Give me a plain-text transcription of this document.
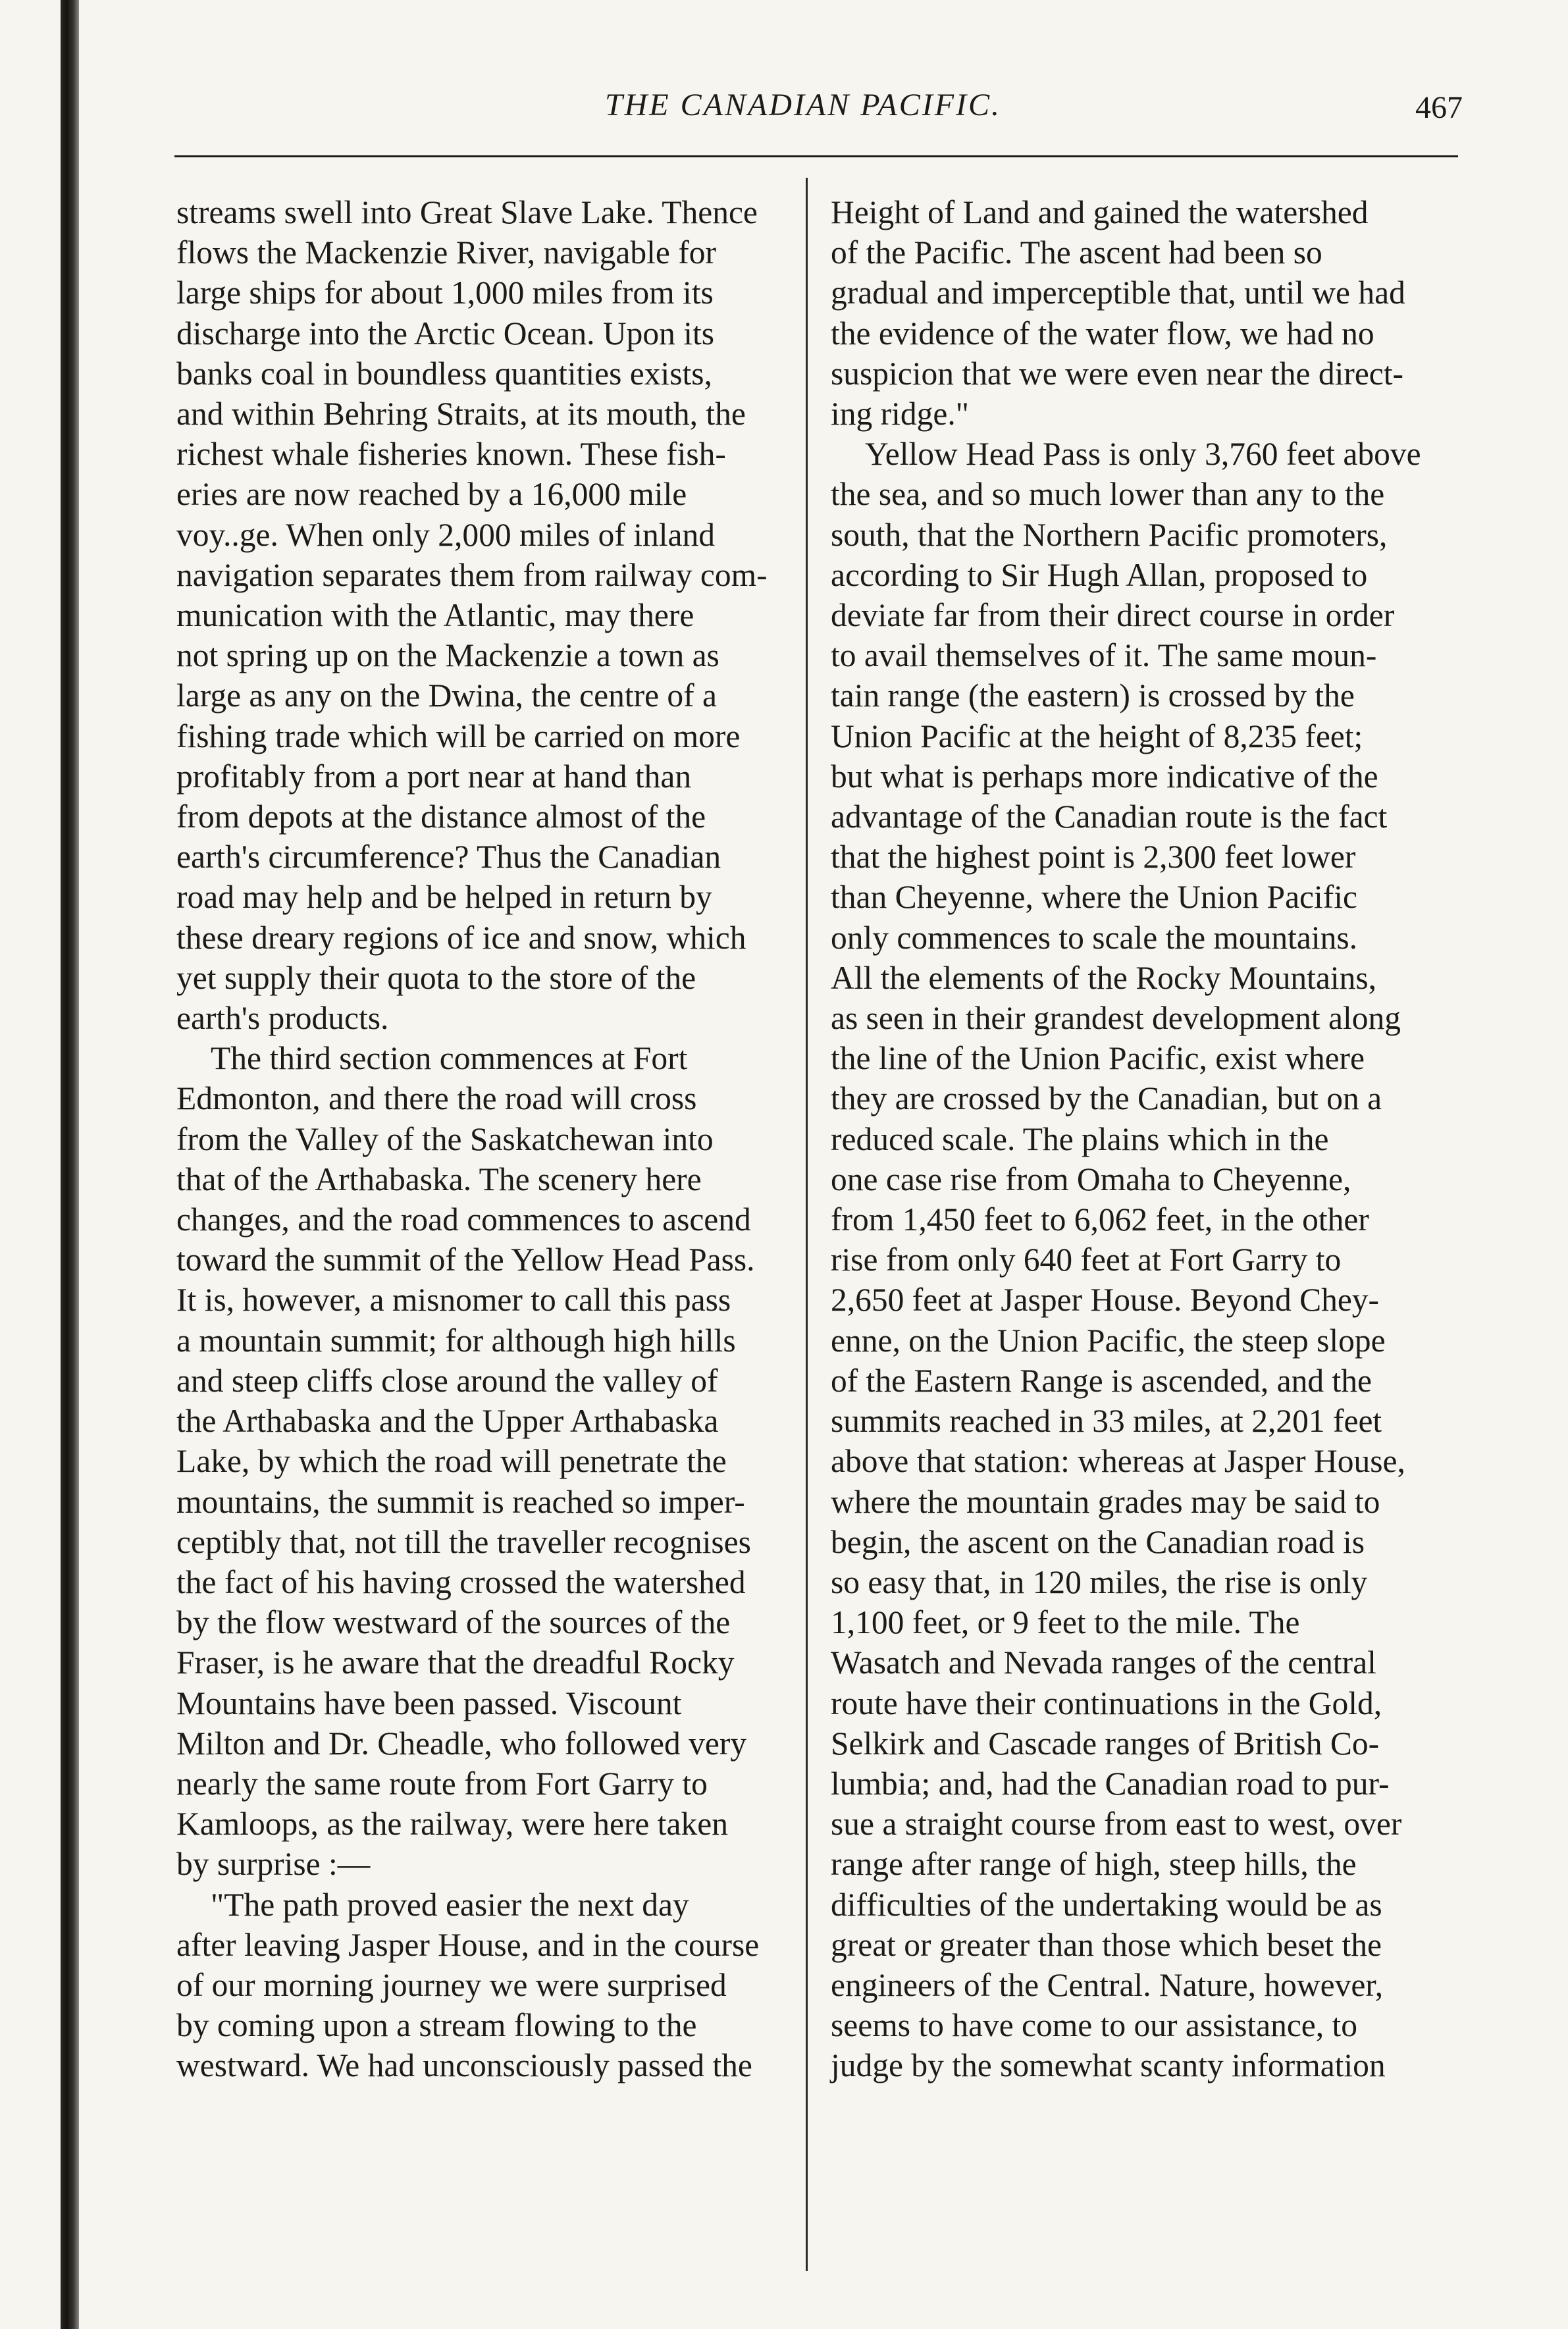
THE CANADIAN PACIFIC.	467

streams swell into Great Slave Lake. Thence
flows the Mackenzie River, navigable for
large ships for about 1,000 miles from its
discharge into the Arctic Ocean. Upon its
banks coal in boundless quantities exists,
and within Behring Straits, at its mouth, the
richest whale fisheries known. These fish-
eries are now reached by a 16,000 mile
voy..ge. When only 2,000 miles of inland
navigation separates them from railway com-
munication with the Atlantic, may there
not spring up on the Mackenzie a town as
large as any on the Dwina, the centre of a
fishing trade which will be carried on more
profitably from a port near at hand than
from depots at the distance almost of the
earth's circumference? Thus the Canadian
road may help and be helped in return by
these dreary regions of ice and snow, which
yet supply their quota to the store of the
earth's products.

The third section commences at Fort
Edmonton, and there the road will cross
from the Valley of the Saskatchewan into
that of the Arthabaska. The scenery here
changes, and the road commences to ascend
toward the summit of the Yellow Head Pass.
It is, however, a misnomer to call this pass
a mountain summit; for although high hills
and steep cliffs close around the valley of
the Arthabaska and the Upper Arthabaska
Lake, by which the road will penetrate the
mountains, the summit is reached so imper-
ceptibly that, not till the traveller recognises
the fact of his having crossed the watershed
by the flow westward of the sources of the
Fraser, is he aware that the dreadful Rocky
Mountains have been passed. Viscount
Milton and Dr. Cheadle, who followed very
nearly the same route from Fort Garry to
Kamloops, as the railway, were here taken
by surprise :—

"The path proved easier the next day
after leaving Jasper House, and in the course
of our morning journey we were surprised
by coming upon a stream flowing to the
westward. We had unconsciously passed the

Height of Land and gained the watershed
of the Pacific. The ascent had been so
gradual and imperceptible that, until we had
the evidence of the water flow, we had no
suspicion that we were even near the direct-
ing ridge."

Yellow Head Pass is only 3,760 feet above
the sea, and so much lower than any to the
south, that the Northern Pacific promoters,
according to Sir Hugh Allan, proposed to
deviate far from their direct course in order
to avail themselves of it. The same moun-
tain range (the eastern) is crossed by the
Union Pacific at the height of 8,235 feet;
but what is perhaps more indicative of the
advantage of the Canadian route is the fact
that the highest point is 2,300 feet lower
than Cheyenne, where the Union Pacific
only commences to scale the mountains.
All the elements of the Rocky Mountains,
as seen in their grandest development along
the line of the Union Pacific, exist where
they are crossed by the Canadian, but on a
reduced scale. The plains which in the
one case rise from Omaha to Cheyenne,
from 1,450 feet to 6,062 feet, in the other
rise from only 640 feet at Fort Garry to
2,650 feet at Jasper House. Beyond Chey-
enne, on the Union Pacific, the steep slope
of the Eastern Range is ascended, and the
summits reached in 33 miles, at 2,201 feet
above that station: whereas at Jasper House,
where the mountain grades may be said to
begin, the ascent on the Canadian road is
so easy that, in 120 miles, the rise is only
1,100 feet, or 9 feet to the mile. The
Wasatch and Nevada ranges of the central
route have their continuations in the Gold,
Selkirk and Cascade ranges of British Co-
lumbia; and, had the Canadian road to pur-
sue a straight course from east to west, over
range after range of high, steep hills, the
difficulties of the undertaking would be as
great or greater than those which beset the
engineers of the Central. Nature, however,
seems to have come to our assistance, to
judge by the somewhat scanty information
